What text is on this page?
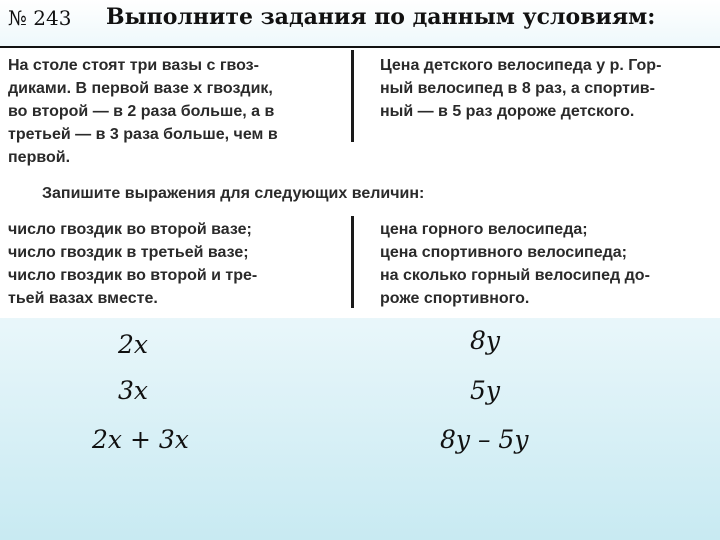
№ 243 Выполните задания по данным условиям:
На столе стоят три вазы с гвоз-
диками. В первой вазе x гвоздик,
во второй — в 2 раза больше, а в
третьей — в 3 раза больше, чем в
первой.
Цена детского велосипеда y р. Гор-
ный велосипед в 8 раз, а спортив-
ный — в 5 раз дороже детского.
Запишите выражения для следующих величин:
число гвоздик во второй вазе;
число гвоздик в третьей вазе;
число гвоздик во второй и тре-
тьей вазах вместе.
цена горного велосипеда;
цена спортивного велосипеда;
на сколько горный велосипед до-
роже спортивного.
2x
3x
2x + 3x
8y
5y
8y – 5y
